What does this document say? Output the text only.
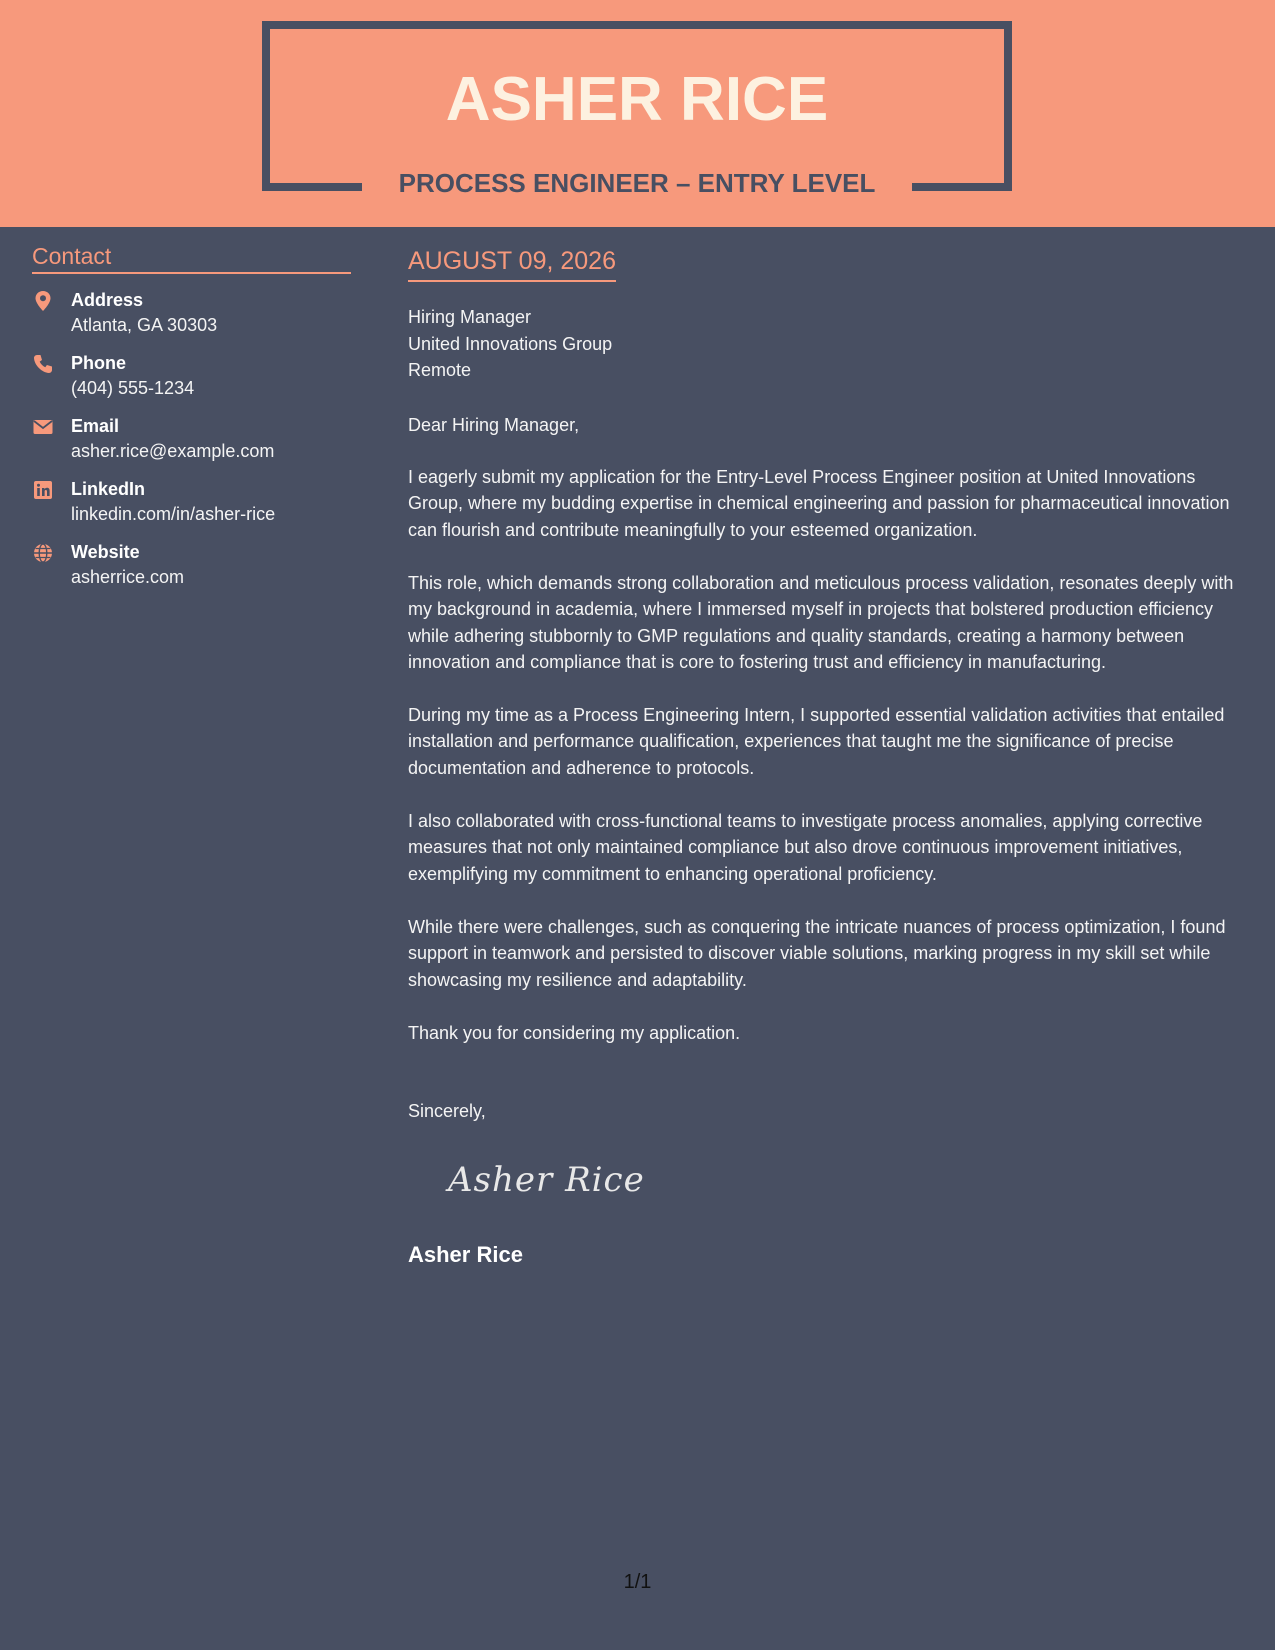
ASHER RICE
PROCESS ENGINEER – ENTRY LEVEL
Contact
Address
Atlanta, GA 30303
Phone
(404) 555-1234
Email
asher.rice@example.com
LinkedIn
linkedin.com/in/asher-rice
Website
asherrice.com
AUGUST 09, 2026
Hiring Manager
United Innovations Group
Remote

Dear Hiring Manager,

I eagerly submit my application for the Entry-Level Process Engineer position at United Innovations Group, where my budding expertise in chemical engineering and passion for pharmaceutical innovation can flourish and contribute meaningfully to your esteemed organization.

This role, which demands strong collaboration and meticulous process validation, resonates deeply with my background in academia, where I immersed myself in projects that bolstered production efficiency while adhering stubbornly to GMP regulations and quality standards, creating a harmony between innovation and compliance that is core to fostering trust and efficiency in manufacturing.

During my time as a Process Engineering Intern, I supported essential validation activities that entailed installation and performance qualification, experiences that taught me the significance of precise documentation and adherence to protocols.

I also collaborated with cross-functional teams to investigate process anomalies, applying corrective measures that not only maintained compliance but also drove continuous improvement initiatives, exemplifying my commitment to enhancing operational proficiency.

While there were challenges, such as conquering the intricate nuances of process optimization, I found support in teamwork and persisted to discover viable solutions, marking progress in my skill set while showcasing my resilience and adaptability.

Thank you for considering my application.

Sincerely,

Asher Rice
Asher Rice
1/1
